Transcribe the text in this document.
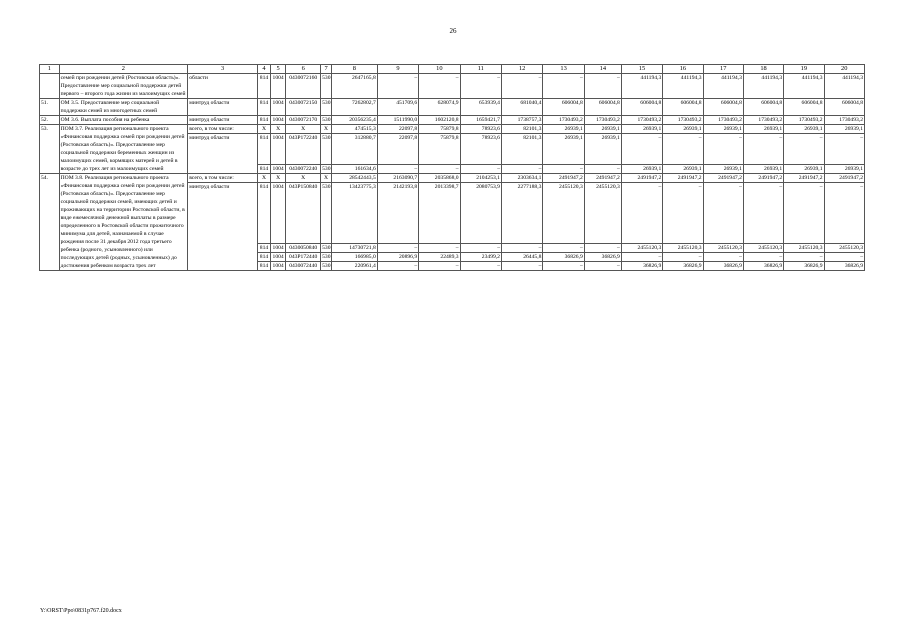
26
1	2	3	4	5	6	7	8	9	10	11	12	13	14	15	16	17	18	19	20
	семей при рождении детей (Ростовская область)». Предоставление мер социальной поддержки детей первого – второго года жизни из малоимущих семей	области	814	1004	0430072160	530	2647165,8	–	–	–	–	–	–	441194,3	441194,3	441194,3	441194,3	441194,3	441194,3
51.	ОМ 3.5. Предоставление мер социальной поддержки семей из многодетных семей	минтруд области	814	1004	0430072150	530	7262802,7	451709,6	628074,9	653939,4	681040,4	606004,8	606004,8	606004,8	606004,8	606004,8	606004,8	606004,8	606004,8
52.	ОМ 3.6. Выплата пособия на ребенка	минтруд области	814	1004	0430072170	530	20356235,4	1511990,0	1602120,8	1659421,7	1738757,3	1730493,2	1730493,2	1730493,2	1730493,2	1730493,2	1730493,2	1730493,2	1730493,2
53.	ПОМ 3.7. Реализация регионального проекта «Финансовая поддержка семей при рождении детей (Ростовская область)». Предоставление мер социальной поддержки беременных женщин из малоимущих семей, кормящих матерей и детей в возрасте до трех лет из малоимущих семей	всего, в том числе:	X	X	X	X	474515,3	22097,8	75879,8	78923,6	82101,3	26939,1	26939,1	26939,1	26939,1	26939,1	26939,1	26939,1	26939,1
		минтруд области	814	1004	043P172240	530	312880,7	22097,8	75879,8	78923,6	82101,3	26939,1	26939,1	–	–	–	–	–	–
			814	1004	0430072240	530	161634,6	–	–	–	–	–	–	26939,1	26939,1	26939,1	26939,1	26939,1	26939,1
54.	ПОМ 3.8. Реализация регионального проекта «Финансовая поддержка семей при рождении детей (Ростовская область)». Предоставление мер социальной поддержки семей, имеющих детей и проживающих на территории Ростовской области, в виде ежемесячной денежной выплаты в размере определенного в Ростовской области прожиточного минимума для детей, назначаемой в случае рождения после 31 декабря 2012 года третьего ребенка (родного, усыновленного) или последующих детей (родных, усыновленных) до достижения ребенком возраста трех лет	всего, в том числе:	X	X	X	X	28542443,5	2163090,7	2035868,0	2104253,1	2303634,1	2491947,2	2491947,2	2491947,2	2491947,2	2491947,2	2491947,2	2491947,2	2491947,2
		минтруд области	814	1004	043P150840	530	13423775,3	2142193,8	2013398,7	2080753,9	2277188,3	2455120,3	2455120,3	–	–	–	–	–	–
			814	1004	0430050840	530	14730721,8	–	–	–	–	–	–	2455120,3	2455120,3	2455120,3	2455120,3	2455120,3	2455120,3
			814	1004	043P172440	530	166985,0	20896,9	22489,3	23499,2	26445,8	36826,9	36826,9	–	–	–	–	–	–
			814	1004	0430072440	530	220961,4	–	–	–	–	–	–	36826,9	36826,9	36826,9	36826,9	36826,9	36826,9
Y:\ORST\Ppo\0831p767.f20.docx
